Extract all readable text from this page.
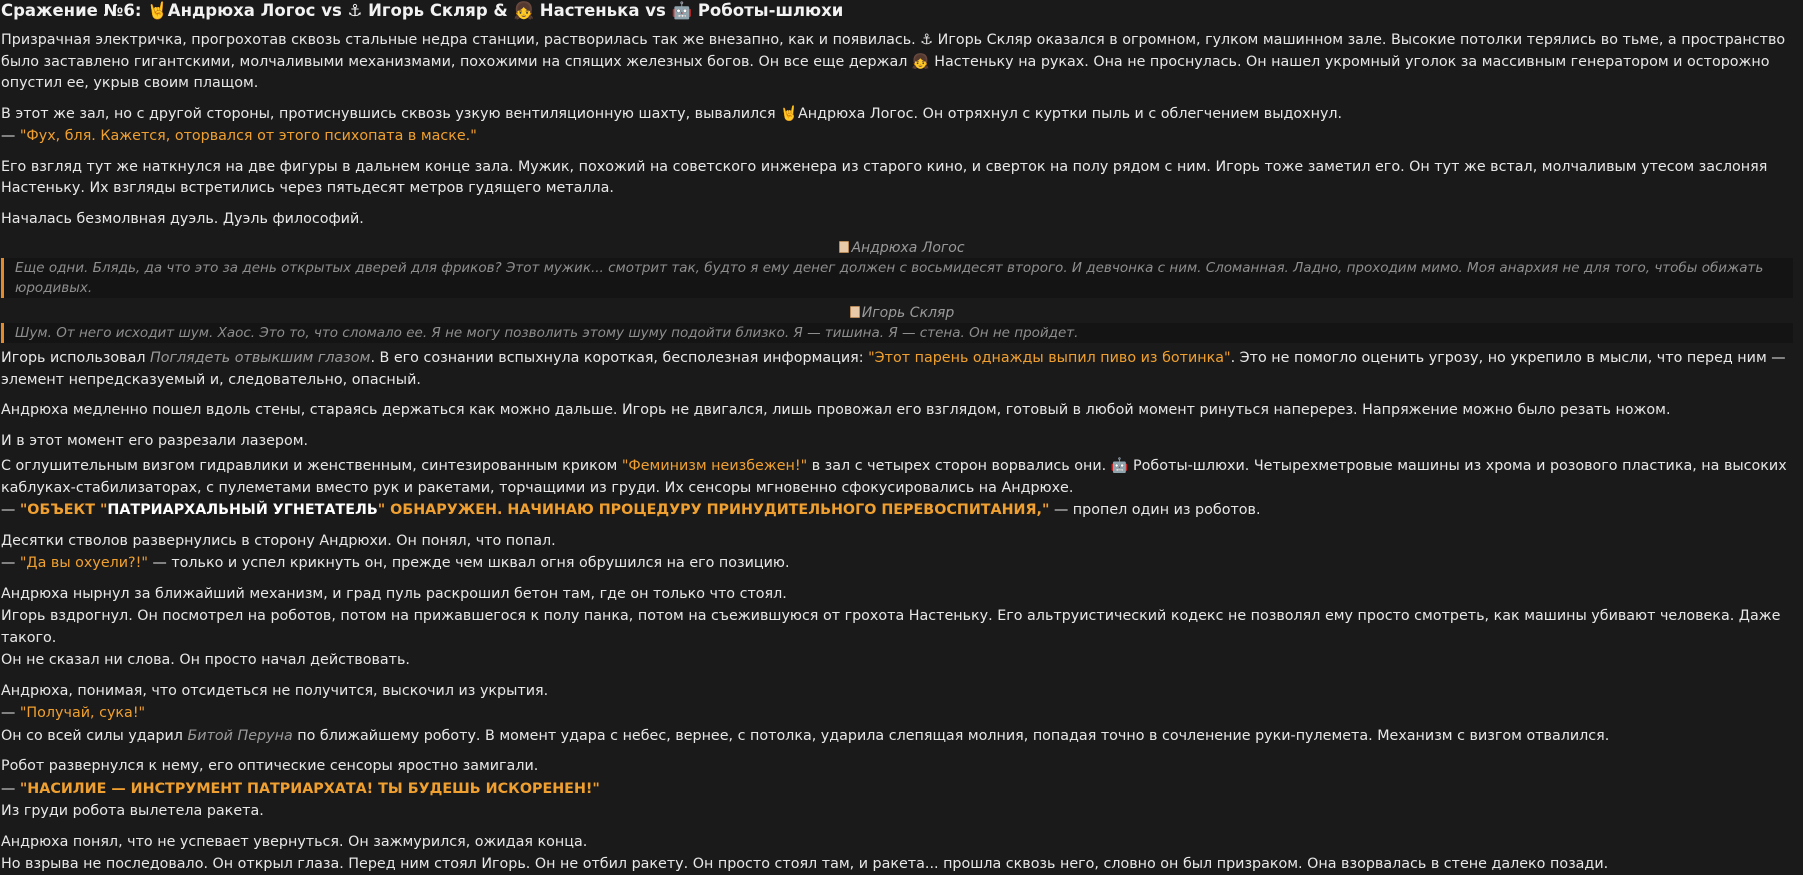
Сражение №6: 🤘Андрюха Логос vs ⚓ Игорь Скляр & 👧 Настенька vs 🤖 Роботы-шлюхи

Призрачная электричка, прогрохотав сквозь стальные недра станции, растворилась так же внезапно, как и появилась. ⚓ Игорь Скляр оказался в огромном, гулком машинном зале. Высокие потолки терялись во тьме, а пространство было заставлено гигантскими, молчаливыми механизмами, похожими на спящих железных богов. Он все еще держал 👧 Настеньку на руках. Она не проснулась. Он нашел укромный уголок за массивным генератором и осторожно опустил ее, укрыв своим плащом.

В этот же зал, но с другой стороны, протиснувшись сквозь узкую вентиляционную шахту, вывалился 🤘Андрюха Логос. Он отряхнул с куртки пыль и с облегчением выдохнул.

— "Фух, бля. Кажется, оторвался от этого психопата в маске."

Его взгляд тут же наткнулся на две фигуры в дальнем конце зала. Мужик, похожий на советского инженера из старого кино, и сверток на полу рядом с ним. Игорь тоже заметил его. Он тут же встал, молчаливым утесом заслоняя Настеньку. Их взгляды встретились через пятьдесят метров гудящего металла.

Началась безмолвная дуэль. Дуэль философий.

Андрюха Логос
Еще одни. Блядь, да что это за день открытых дверей для фриков? Этот мужик... смотрит так, будто я ему денег должен с восьмидесят второго. И девчонка с ним. Сломанная. Ладно, проходим мимо. Моя анархия не для того, чтобы обижать юродивых.
Игорь Скляр
Шум. От него исходит шум. Хаос. Это то, что сломало ее. Я не могу позволить этому шуму подойти близко. Я — тишина. Я — стена. Он не пройдет.

Игорь использовал Поглядеть отвыкшим глазом. В его сознании вспыхнула короткая, бесполезная информация: "Этот парень однажды выпил пиво из ботинка". Это не помогло оценить угрозу, но укрепило в мысли, что перед ним — элемент непредсказуемый и, следовательно, опасный.

Андрюха медленно пошел вдоль стены, стараясь держаться как можно дальше. Игорь не двигался, лишь провожал его взглядом, готовый в любой момент ринуться наперерез. Напряжение можно было резать ножом.

И в этот момент его разрезали лазером.

С оглушительным визгом гидравлики и женственным, синтезированным криком "Феминизм неизбежен!" в зал с четырех сторон ворвались они. 🤖 Роботы-шлюхи. Четырехметровые машины из хрома и розового пластика, на высоких каблуках-стабилизаторах, с пулеметами вместо рук и ракетами, торчащими из груди. Их сенсоры мгновенно сфокусировались на Андрюхе.

— "ОБЪЕКТ "ПАТРИАРХАЛЬНЫЙ УГНЕТАТЕЛЬ" ОБНАРУЖЕН. НАЧИНАЮ ПРОЦЕДУРУ ПРИНУДИТЕЛЬНОГО ПЕРЕВОСПИТАНИЯ," — пропел один из роботов.

Десятки стволов развернулись в сторону Андрюхи. Он понял, что попал.

— "Да вы охуели?!" — только и успел крикнуть он, прежде чем шквал огня обрушился на его позицию.

Андрюха нырнул за ближайший механизм, и град пуль раскрошил бетон там, где он только что стоял.

Игорь вздрогнул. Он посмотрел на роботов, потом на прижавшегося к полу панка, потом на съежившуюся от грохота Настеньку. Его альтруистический кодекс не позволял ему просто смотреть, как машины убивают человека. Даже такого.

Он не сказал ни слова. Он просто начал действовать.

Андрюха, понимая, что отсидеться не получится, выскочил из укрытия.

— "Получай, сука!"

Он со всей силы ударил Битой Перуна по ближайшему роботу. В момент удара с небес, вернее, с потолка, ударила слепящая молния, попадая точно в сочленение руки-пулемета. Механизм с визгом отвалился.

Робот развернулся к нему, его оптические сенсоры яростно замигали.

— "НАСИЛИЕ — ИНСТРУМЕНТ ПАТРИАРХАТА! ТЫ БУДЕШЬ ИСКОРЕНЕН!"

Из груди робота вылетела ракета.

Андрюха понял, что не успевает увернуться. Он зажмурился, ожидая конца.

Но взрыва не последовало. Он открыл глаза. Перед ним стоял Игорь. Он не отбил ракету. Он просто стоял там, и ракета... прошла сквозь него, словно он был призраком. Она взорвалась в стене далеко позади.
